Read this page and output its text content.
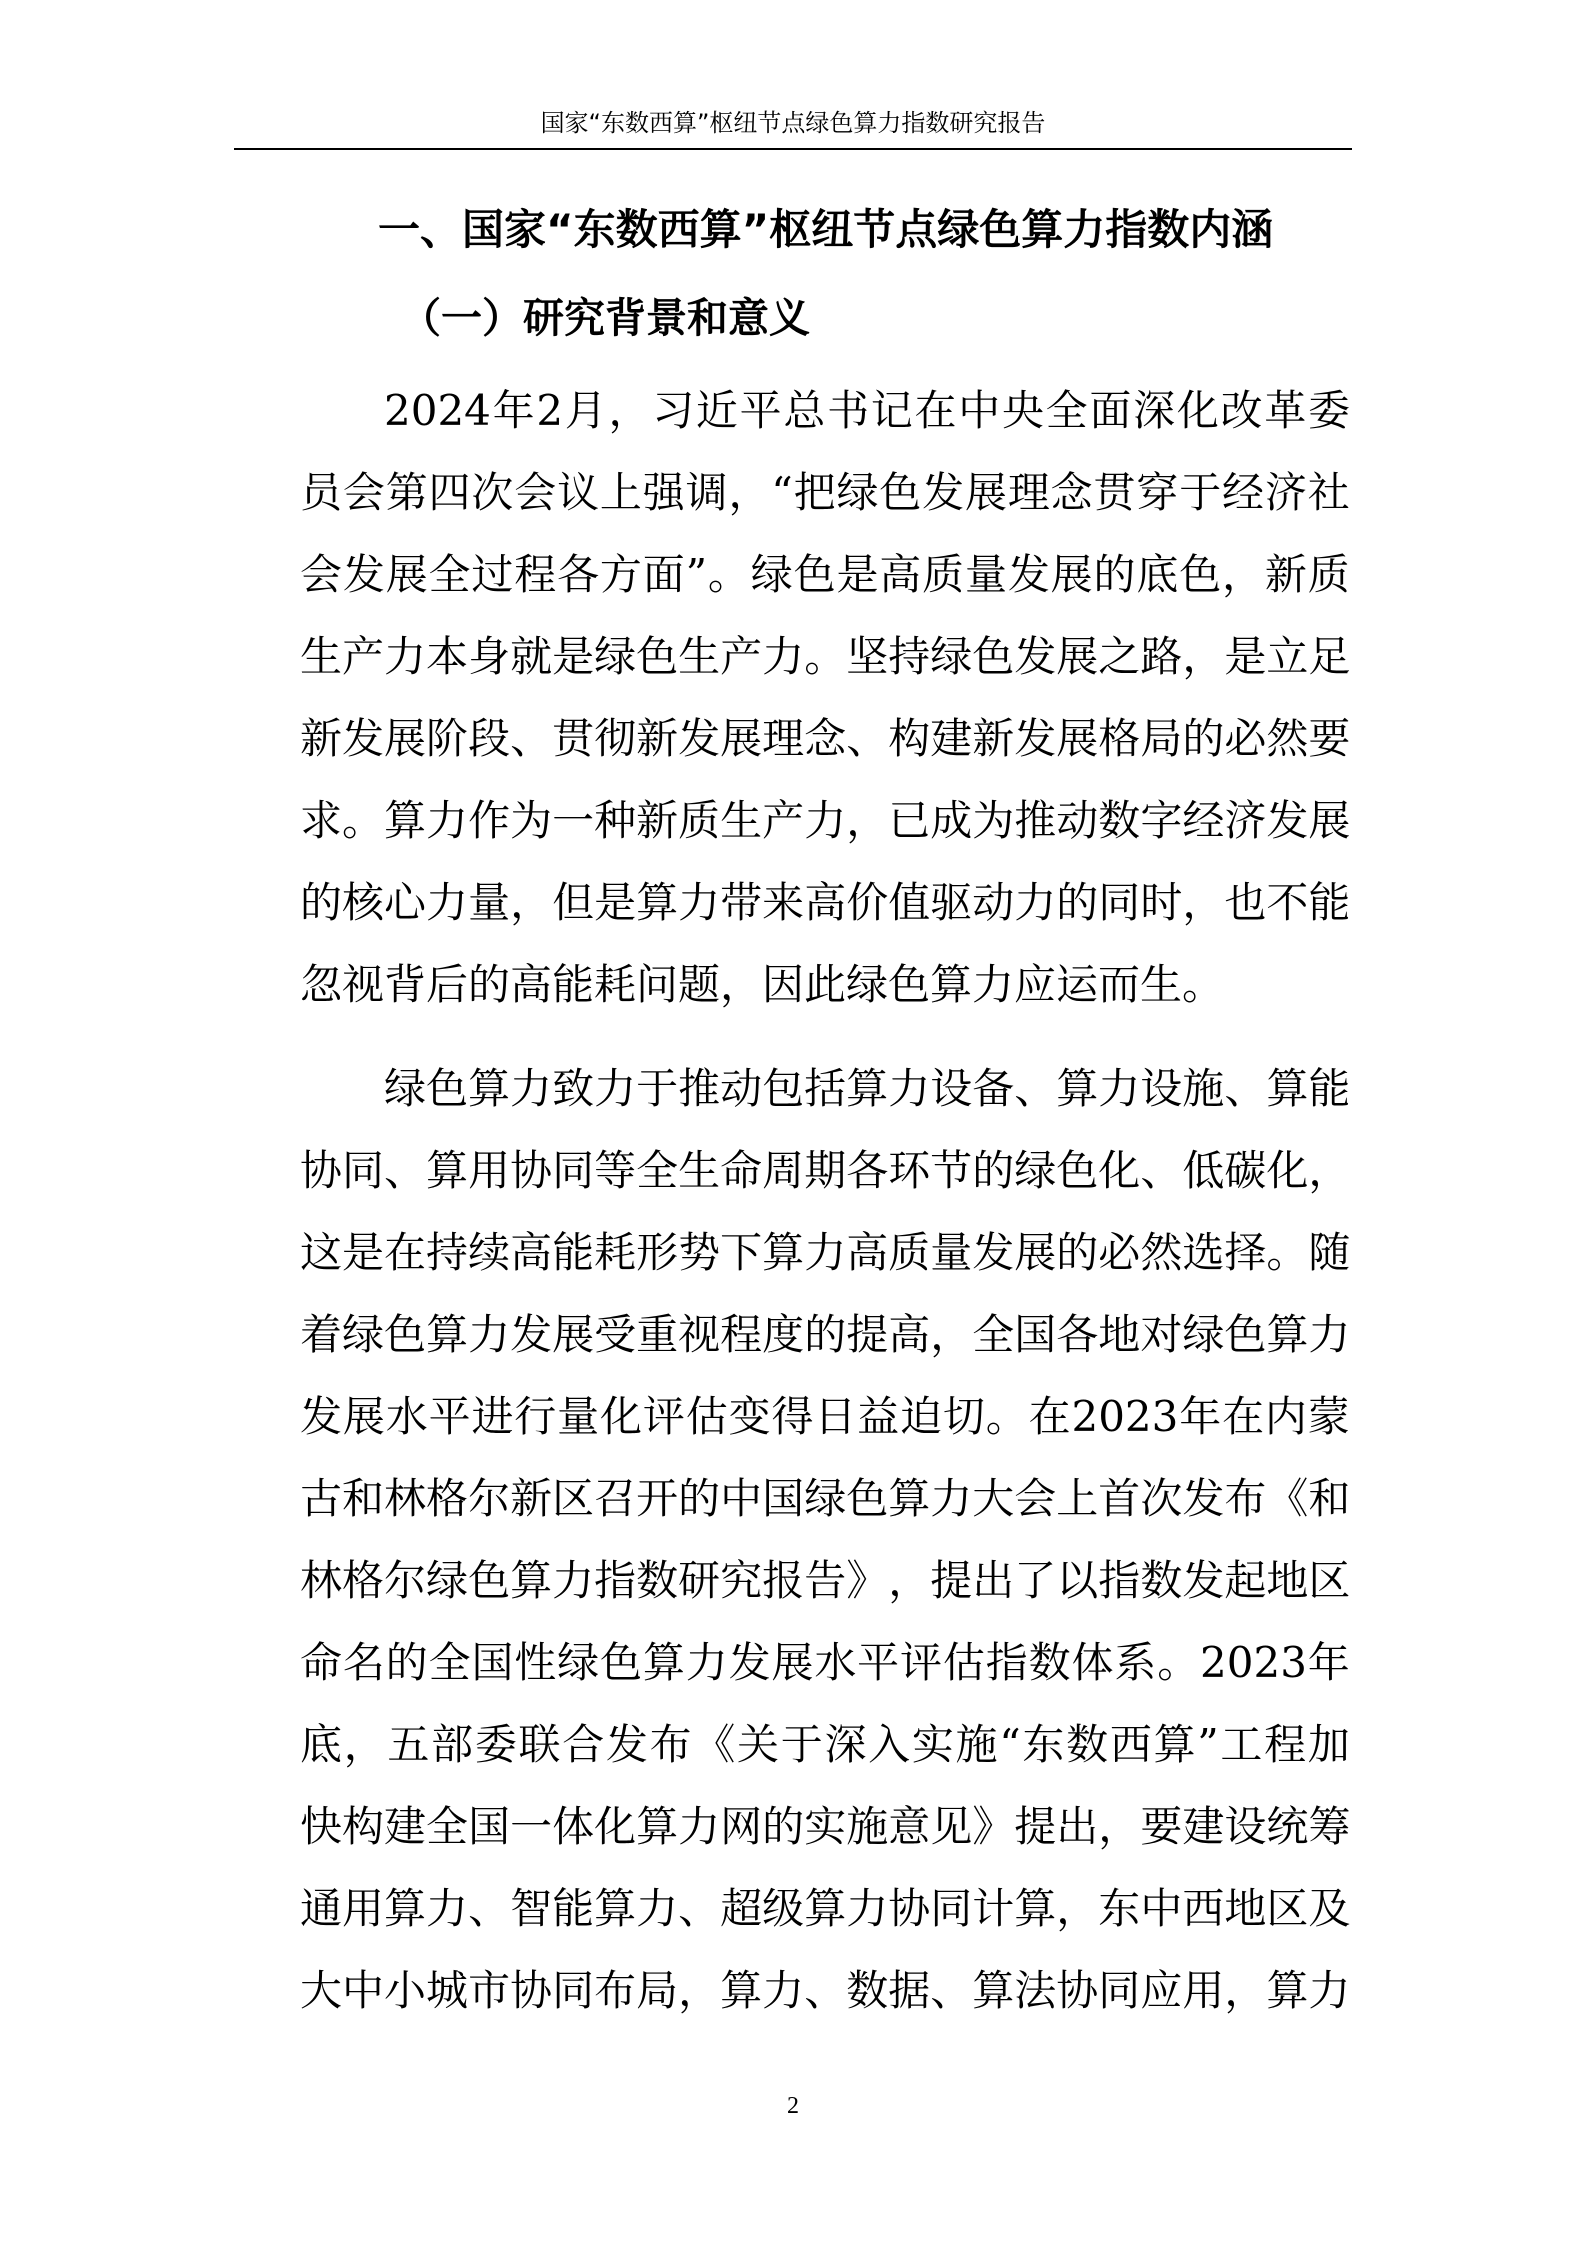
国家“东数西算”枢纽节点绿色算力指数研究报告
一、国家“东数西算”枢纽节点绿色算力指数内涵
（一）研究背景和意义
2024 年 2 月 ， 习 近 平 总 书 记 在 中 央 全 面 深 化 改 革 委
员 会 第 四 次 会 议 上 强 调 ， “ 把 绿 色 发 展 理 念 贯 穿 于 经 济 社
会 发 展 全 过 程 各 方 面 ” 。 绿 色 是 高 质 量 发 展 的 底 色 ， 新 质
生 产 力 本 身 就 是 绿 色 生 产 力 。 坚 持 绿 色 发 展 之 路 ， 是 立 足
新 发 展 阶 段 、 贯 彻 新 发 展 理 念 、 构 建 新 发 展 格 局 的 必 然 要
求 。 算 力 作 为 一 种 新 质 生 产 力 ， 已 成 为 推 动 数 字 经 济 发 展
的 核 心 力 量 ， 但 是 算 力 带 来 高 价 值 驱 动 力 的 同 时 ， 也 不 能
忽视背后的高能耗问题，因此绿色算力应运而生。
绿 色 算 力 致 力 于 推 动 包 括 算 力 设 备 、 算 力 设 施 、 算 能
协 同 、 算 用 协 同 等 全 生 命 周 期 各 环 节 的 绿 色 化 、 低 碳 化 ，
这 是 在 持 续 高 能 耗 形 势 下 算 力 高 质 量 发 展 的 必 然 选 择 。 随
着 绿 色 算 力 发 展 受 重 视 程 度 的 提 高 ， 全 国 各 地 对 绿 色 算 力
发 展 水 平 进 行 量 化 评 估 变 得 日 益 迫 切 。 在 2023 年 在 内 蒙
古 和 林 格 尔 新 区 召 开 的 中 国 绿 色 算 力 大 会 上 首 次 发 布 《 和
林 格 尔 绿 色 算 力 指 数 研 究 报 告 》 ， 提 出 了 以 指 数 发 起 地 区
命 名 的 全 国 性 绿 色 算 力 发 展 水 平 评 估 指 数 体 系 。 2023 年
底 ， 五 部 委 联 合 发 布 《 关 于 深 入 实 施 “ 东 数 西 算 ” 工 程 加
快 构 建 全 国 一 体 化 算 力 网 的 实 施 意 见 》 提 出 ， 要 建 设 统 筹
通 用 算 力 、 智 能 算 力 、 超 级 算 力 协 同 计 算 ， 东 中 西 地 区 及
大 中 小 城 市 协 同 布 局 ， 算 力 、 数 据 、 算 法 协 同 应 用 ， 算 力
2
